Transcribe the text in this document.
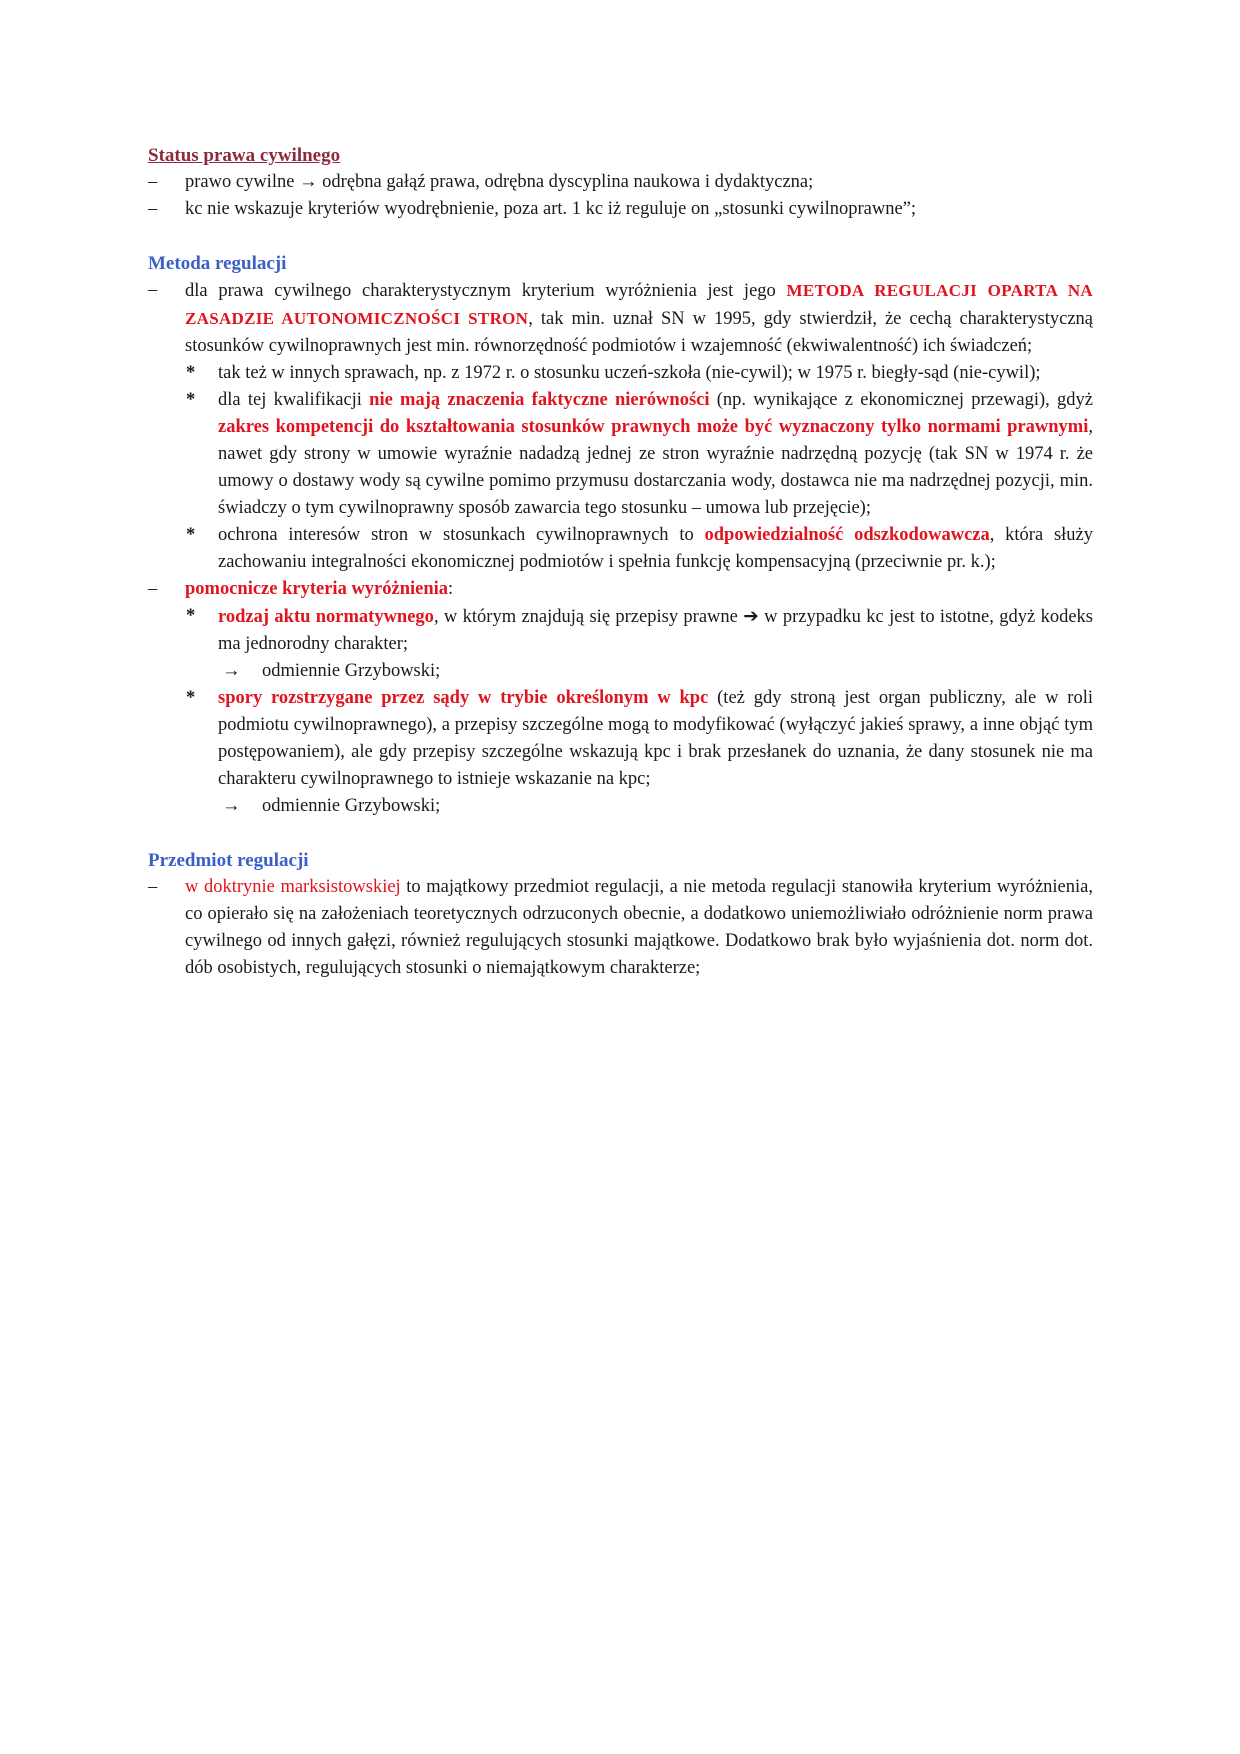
Status prawa cywilnego

– prawo cywilne → odrębna gałąź prawa, odrębna dyscyplina naukowa i dydaktyczna;
– kc nie wskazuje kryteriów wyodrębnienie, poza art. 1 kc iż reguluje on „stosunki cywilnoprawne”;

Metoda regulacji

– dla prawa cywilnego charakterystycznym kryterium wyróżnienia jest jego METODA REGULACJI OPARTA NA ZASADZIE AUTONOMICZNOŚCI STRON, tak min. uznał SN w 1995, gdy stwierdził, że cechą charakterystyczną stosunków cywilnoprawnych jest min. równorzędność podmiotów i wzajemność (ekwiwalentność) ich świadczeń;
* tak też w innych sprawach, np. z 1972 r. o stosunku uczeń-szkoła (nie-cywil); w 1975 r. biegły-sąd (nie-cywil);
* dla tej kwalifikacji nie mają znaczenia faktyczne nierówności (np. wynikające z ekonomicznej przewagi), gdyż zakres kompetencji do kształtowania stosunków prawnych może być wyznaczony tylko normami prawnymi, nawet gdy strony w umowie wyraźnie nadadzą jednej ze stron wyraźnie nadrzędną pozycję (tak SN w 1974 r. że umowy o dostawy wody są cywilne pomimo przymusu dostarczania wody, dostawca nie ma nadrzędnej pozycji, min. świadczy o tym cywilnoprawny sposób zawarcia tego stosunku – umowa lub przejęcie);
* ochrona interesów stron w stosunkach cywilnoprawnych to odpowiedzialność odszkodowawcza, która służy zachowaniu integralności ekonomicznej podmiotów i spełnia funkcję kompensacyjną (przeciwnie pr. k.);
– pomocnicze kryteria wyróżnienia:
* rodzaj aktu normatywnego, w którym znajdują się przepisy prawne ➔ w przypadku kc jest to istotne, gdyż kodeks ma jednorodny charakter;
→	odmiennie Grzybowski;
* spory rozstrzygane przez sądy w trybie określonym w kpc (też gdy stroną jest organ publiczny, ale w roli podmiotu cywilnoprawnego), a przepisy szczególne mogą to modyfikować (wyłączyć jakieś sprawy, a inne objąć tym postępowaniem), ale gdy przepisy szczególne wskazują kpc i brak przesłanek do uznania, że dany stosunek nie ma charakteru cywilnoprawnego to istnieje wskazanie na kpc;
→	odmiennie Grzybowski;

Przedmiot regulacji

– w doktrynie marksistowskiej to majątkowy przedmiot regulacji, a nie metoda regulacji stanowiła kryterium wyróżnienia, co opierało się na założeniach teoretycznych odrzuconych obecnie, a dodatkowo uniemożliwiało odróżnienie norm prawa cywilnego od innych gałęzi, również regulujących stosunki majątkowe. Dodatkowo brak było wyjaśnienia dot. norm dot. dób osobistych, regulujących stosunki o niemajątkowym charakterze;
